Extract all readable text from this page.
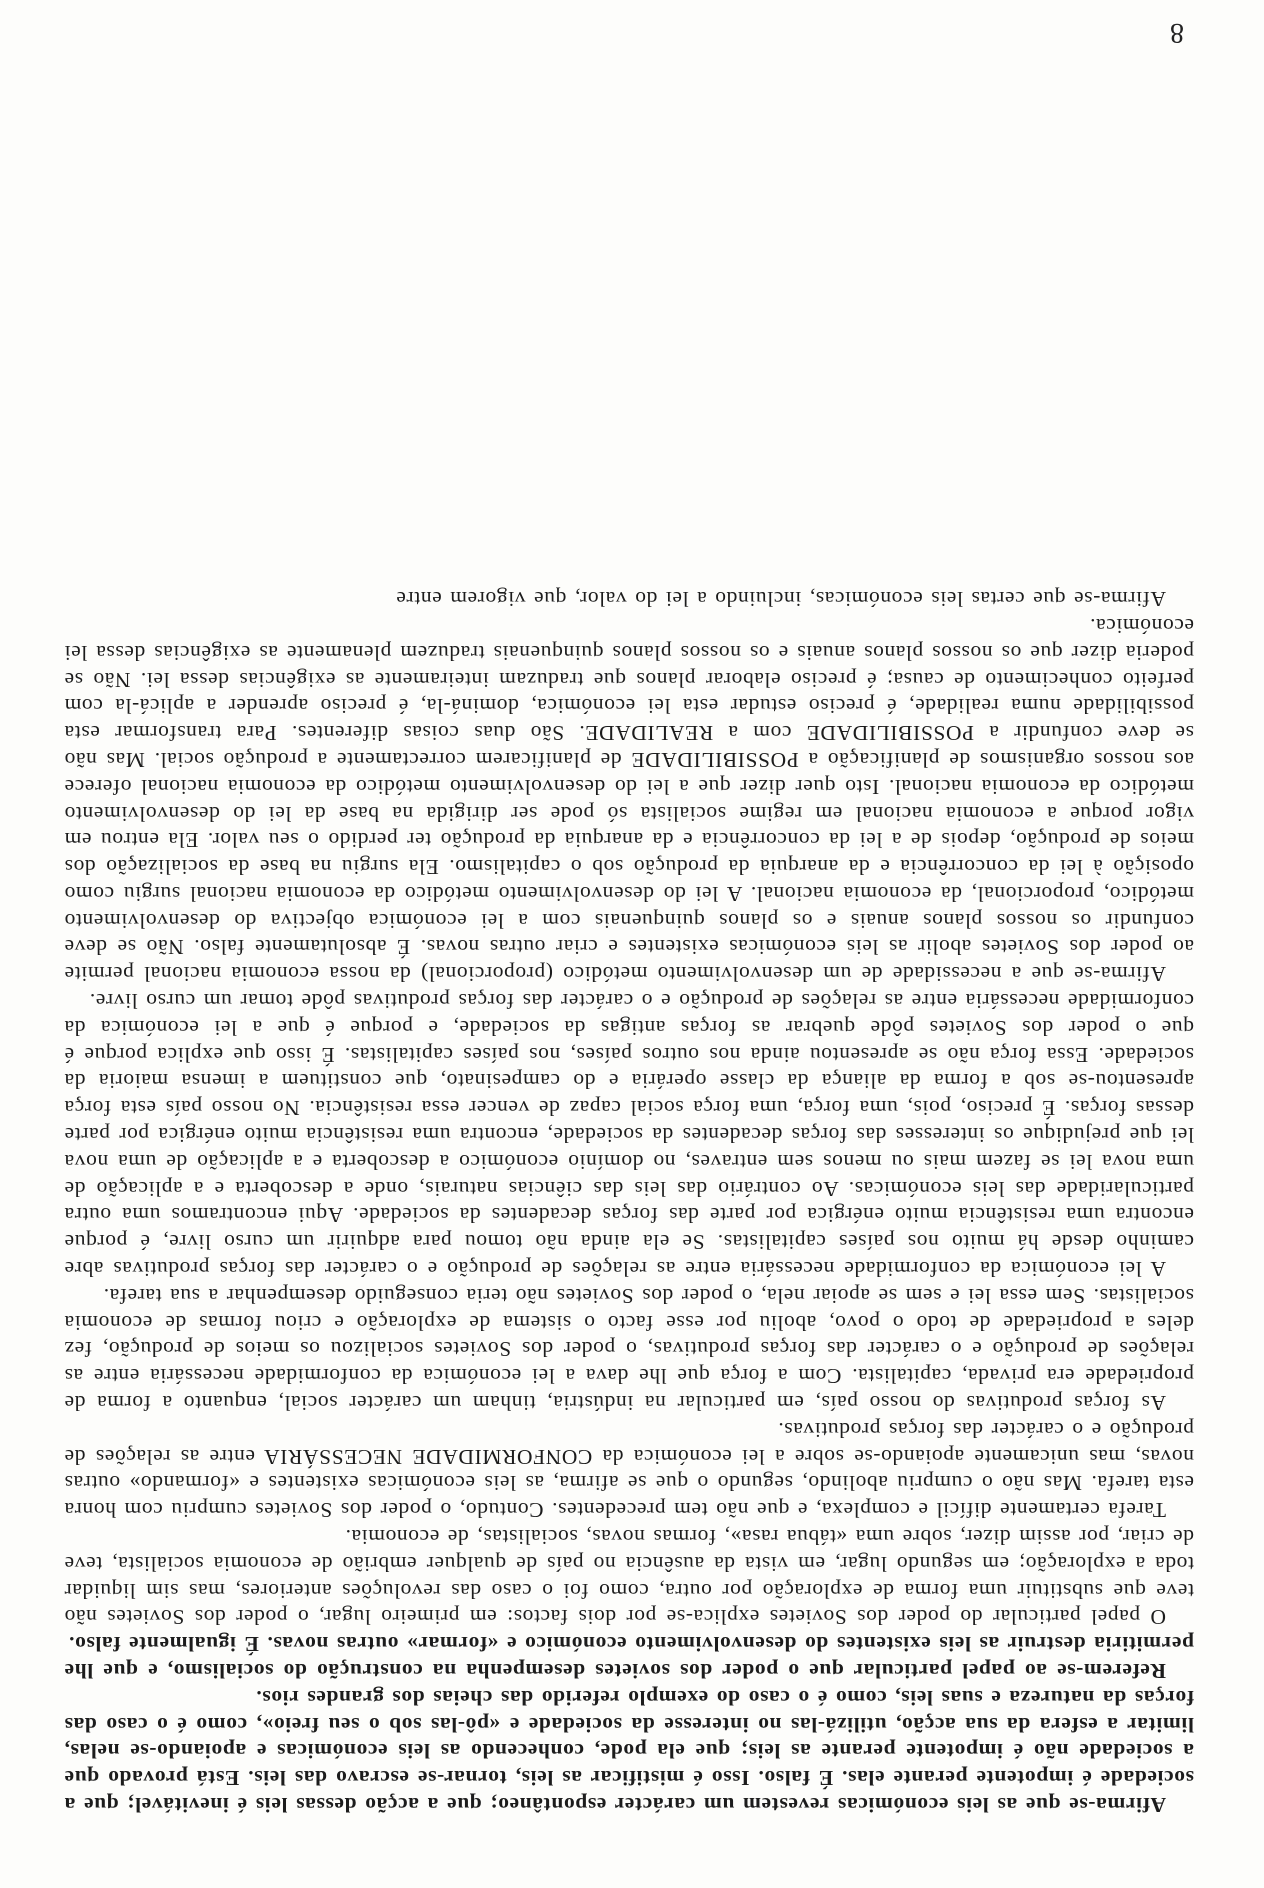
Afirma-se que as leis económicas revestem um carácter espontâneo; que a acção dessas leis é inevitável; que a sociedade é impotente perante elas. É falso. Isso é mistificar as leis, tornar-se escravo das leis. Está provado que a sociedade não é impotente perante as leis; que ela pode, conhecendo as leis económicas e apoiando-se nelas, limitar a esfera da sua acção, utilizá-las no interesse da sociedade e «pô-las sob o seu freio», como é o caso das forças da natureza e suas leis, como é o caso do exemplo referido das cheias dos grandes rios.

Referem-se ao papel particular que o poder dos sovietes desempenha na construção do socialismo, e que lhe permitiria destruir as leis existentes do desenvolvimento económico e «formar» outras novas. É igualmente falso.

O papel particular do poder dos Sovietes explica-se por dois factos: em primeiro lugar, o poder dos Sovietes não teve que substituir uma forma de exploração por outra, como foi o caso das revoluções anteriores, mas sim liquidar toda a exploração; em segundo lugar, em vista da ausência no país de qualquer embrião de economia socialista, teve de criar, por assim dizer, sobre uma «tábua rasa», formas novas, socialistas, de economia.

Tarefa certamente difícil e complexa, e que não tem precedentes. Contudo, o poder dos Sovietes cumpriu com honra esta tarefa. Mas não o cumpriu abolindo, segundo o que se afirma, as leis económicas existentes e «formando» outras novas, mas unicamente apoiando-se sobre a lei económica da CONFORMIDADE NECESSÁRIA entre as relações de produção e o carácter das forças produtivas.

As forças produtivas do nosso país, em particular na indústria, tinham um carácter social, enquanto a forma de propriedade era privada, capitalista. Com a força que lhe dava a lei económica da conformidade necessária entre as relações de produção e o carácter das forças produtivas, o poder dos Sovietes socializou os meios de produção, fez deles a propriedade de todo o povo, aboliu por esse facto o sistema de exploração e criou formas de economia socialistas. Sem essa lei e sem se apoiar nela, o poder dos Sovietes não teria conseguido desempenhar a sua tarefa.

A lei económica da conformidade necessária entre as relações de produção e o carácter das forças produtivas abre caminho desde há muito nos países capitalistas. Se ela ainda não tomou para adquirir um curso livre, é porque encontra uma resistência muito enérgica por parte das forças decadentes da sociedade. Aqui encontramos uma outra particularidade das leis económicas. Ao contrário das leis das ciências naturais, onde a descoberta e a aplicação de uma nova lei se fazem mais ou menos sem entraves, no domínio económico a descoberta e a aplicação de uma nova lei que prejudique os interesses das forças decadentes da sociedade, encontra uma resistência muito enérgica por parte dessas forças. É preciso, pois, uma força, uma força social capaz de vencer essa resistência. No nosso país esta força apresentou-se sob a forma da aliança da classe operária e do campesinato, que constituem a imensa maioria da sociedade. Essa força não se apresentou ainda nos outros países, nos países capitalistas. É isso que explica porque é que o poder dos Sovietes pôde quebrar as forças antigas da sociedade, e porque é que a lei económica da conformidade necessária entre as relações de produção e o carácter das forças produtivas pôde tomar um curso livre.

Afirma-se que a necessidade de um desenvolvimento metódico (proporcional) da nossa economia nacional permite ao poder dos Sovietes abolir as leis económicas existentes e criar outras novas. É absolutamente falso. Não se deve confundir os nossos planos anuais e os planos quinquenais com a lei económica objectiva do desenvolvimento metódico, proporcional, da economia nacional. A lei do desenvolvimento metódico da economia nacional surgiu como oposição à lei da concorrência e da anarquia da produção sob o capitalismo. Ela surgiu na base da socialização dos meios de produção, depois de a lei da concorrência e da anarquia da produção ter perdido o seu valor. Ela entrou em vigor porque a economia nacional em regime socialista só pode ser dirigida na base da lei do desenvolvimento metódico da economia nacional. Isto quer dizer que a lei do desenvolvimento metódico da economia nacional oferece aos nossos organismos de planificação a POSSIBILIDADE de planificarem correctamente a produção social. Mas não se deve confundir a POSSIBILIDADE com a REALIDADE. São duas coisas diferentes. Para transformar esta possibilidade numa realidade, é preciso estudar esta lei económica, dominá-la, é preciso aprender a aplicá-la com perfeito conhecimento de causa; é preciso elaborar planos que traduzam inteiramente as exigências dessa lei. Não se poderia dizer que os nossos planos anuais e os nossos planos quinquenais traduzem plenamente as exigências dessa lei económica.

Afirma-se que certas leis económicas, incluindo a lei do valor, que vigorem entre

8
